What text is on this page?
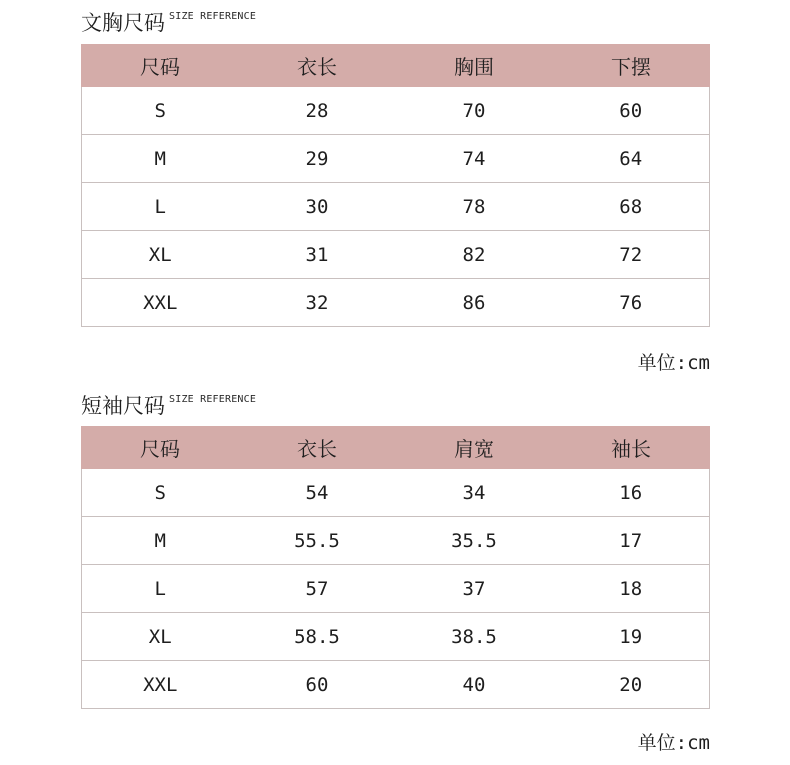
文胸尺码 SIZE REFERENCE
尺码	衣长	胸围	下摆
S	28	70	60
M	29	74	64
L	30	78	68
XL	31	82	72
XXL	32	86	76
单位:cm
短袖尺码 SIZE REFERENCE
尺码	衣长	肩宽	袖长
S	54	34	16
M	55.5	35.5	17
L	57	37	18
XL	58.5	38.5	19
XXL	60	40	20
单位:cm
